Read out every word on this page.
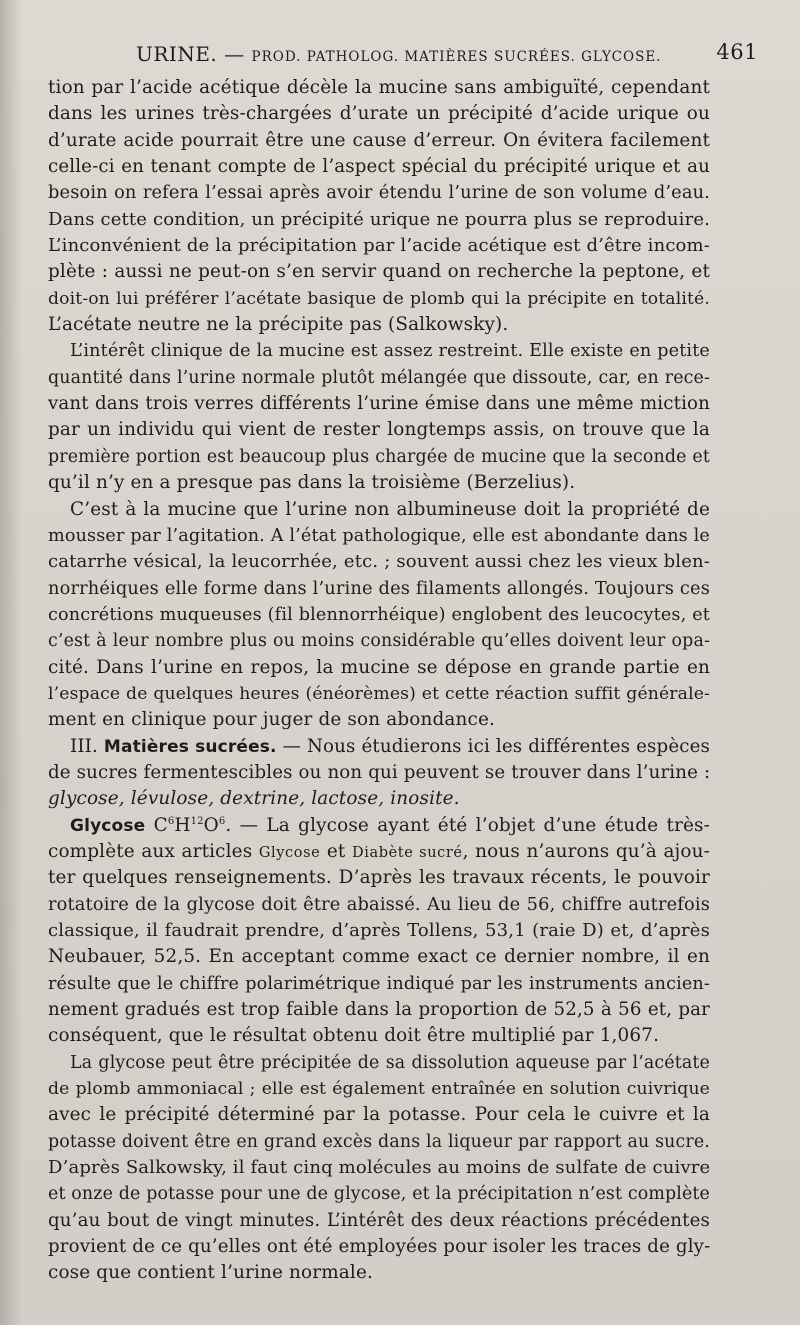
URINE. — PROD. PATHOLOG. MATIÈRES SUCRÉES. GLYCOSE.	461
tion par l’acide acétique décèle la mucine sans ambiguïté, cependant
dans les urines très-chargées d’urate un précipité d’acide urique ou
d’urate acide pourrait être une cause d’erreur. On évitera facilement
celle-ci en tenant compte de l’aspect spécial du précipité urique et au
besoin on refera l’essai après avoir étendu l’urine de son volume d’eau.
Dans cette condition, un précipité urique ne pourra plus se reproduire.
L’inconvénient de la précipitation par l’acide acétique est d’être incom-
plète : aussi ne peut-on s’en servir quand on recherche la peptone, et
doit-on lui préférer l’acétate basique de plomb qui la précipite en totalité.
L’acétate neutre ne la précipite pas (Salkowsky).
L’intérêt clinique de la mucine est assez restreint. Elle existe en petite
quantité dans l’urine normale plutôt mélangée que dissoute, car, en rece-
vant dans trois verres différents l’urine émise dans une même miction
par un individu qui vient de rester longtemps assis, on trouve que la
première portion est beaucoup plus chargée de mucine que la seconde et
qu’il n’y en a presque pas dans la troisième (Berzelius).
C’est à la mucine que l’urine non albumineuse doit la propriété de
mousser par l’agitation. A l’état pathologique, elle est abondante dans le
catarrhe vésical, la leucorrhée, etc. ; souvent aussi chez les vieux blen-
norrhéiques elle forme dans l’urine des filaments allongés. Toujours ces
concrétions muqueuses (fil blennorrhéique) englobent des leucocytes, et
c’est à leur nombre plus ou moins considérable qu’elles doivent leur opa-
cité. Dans l’urine en repos, la mucine se dépose en grande partie en
l’espace de quelques heures (énéorèmes) et cette réaction suffit générale-
ment en clinique pour juger de son abondance.
III. Matières sucrées. — Nous étudierons ici les différentes espèces
de sucres fermentescibles ou non qui peuvent se trouver dans l’urine :
glycose, lévulose, dextrine, lactose, inosite.
Glycose $C^6H^{12}O^6$. — La glycose ayant été l’objet d’une étude très-
complète aux articles Glycose et Diabète sucré, nous n’aurons qu’à ajou-
ter quelques renseignements. D’après les travaux récents, le pouvoir
rotatoire de la glycose doit être abaissé. Au lieu de 56, chiffre autrefois
classique, il faudrait prendre, d’après Tollens, 53,1 (raie D) et, d’après
Neubauer, 52,5. En acceptant comme exact ce dernier nombre, il en
résulte que le chiffre polarimétrique indiqué par les instruments ancien-
nement gradués est trop faible dans la proportion de 52,5 à 56 et, par
conséquent, que le résultat obtenu doit être multiplié par 1,067.
La glycose peut être précipitée de sa dissolution aqueuse par l’acétate
de plomb ammoniacal ; elle est également entraînée en solution cuivrique
avec le précipité déterminé par la potasse. Pour cela le cuivre et la
potasse doivent être en grand excès dans la liqueur par rapport au sucre.
D’après Salkowsky, il faut cinq molécules au moins de sulfate de cuivre
et onze de potasse pour une de glycose, et la précipitation n’est complète
qu’au bout de vingt minutes. L’intérêt des deux réactions précédentes
provient de ce qu’elles ont été employées pour isoler les traces de gly-
cose que contient l’urine normale.
